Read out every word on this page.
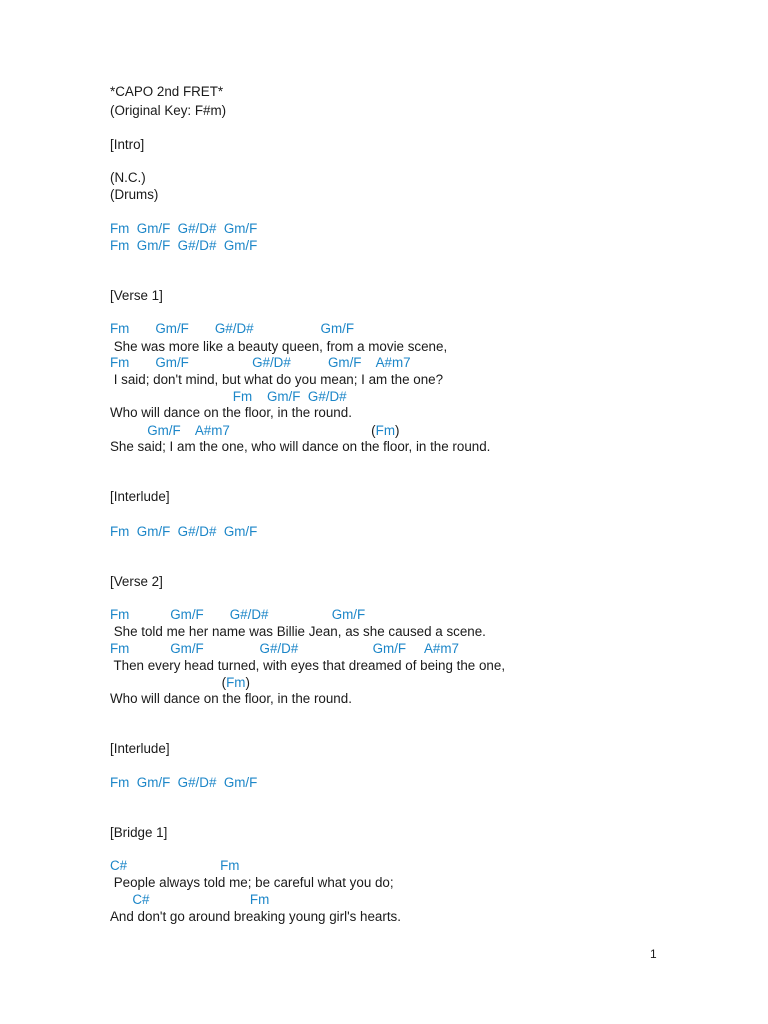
*CAPO 2nd FRET*
(Original Key: F#m)
[Intro]
(N.C.)
(Drums)
Fm  Gm/F  G#/D#  Gm/F
Fm  Gm/F  G#/D#  Gm/F
[Verse 1]
Fm       Gm/F       G#/D#                  Gm/F
She was more like a beauty queen, from a movie scene,
Fm       Gm/F                 G#/D#          Gm/F    A#m7
I said; don't mind, but what do you mean; I am the one?
Fm    Gm/F  G#/D#
Who will dance on the floor, in the round.
Gm/F    A#m7	(Fm)
She said; I am the one, who will dance on the floor, in the round.
[Interlude]
Fm  Gm/F  G#/D#  Gm/F
[Verse 2]
Fm           Gm/F       G#/D#                 Gm/F
She told me her name was Billie Jean, as she caused a scene.
Fm           Gm/F               G#/D#                    Gm/F     A#m7
Then every head turned, with eyes that dreamed of being the one,
(Fm)
Who will dance on the floor, in the round.
[Interlude]
Fm  Gm/F  G#/D#  Gm/F
[Bridge 1]
C#                         Fm
People always told me; be careful what you do;
C#                           Fm
And don't go around breaking young girl's hearts.
1
